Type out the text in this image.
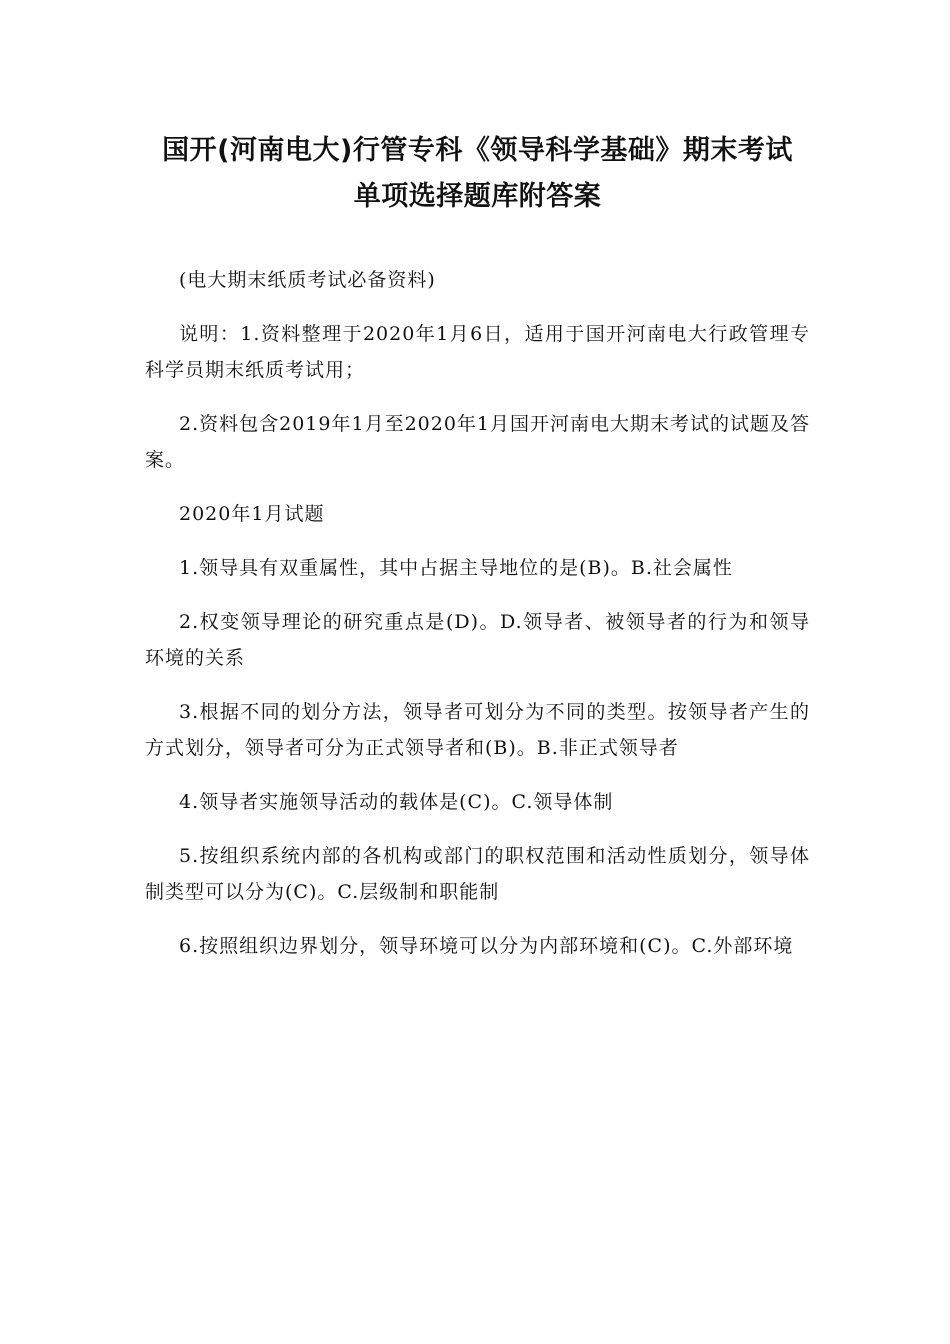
国开(河南电大)行管专科《领导科学基础》期末考试
单项选择题库附答案

(电大期末纸质考试必备资料)

说明：1.资料整理于2020年1月6日，适用于国开河南电大行政管理专科学员期末纸质考试用；

2.资料包含2019年1月至2020年1月国开河南电大期末考试的试题及答案。

2020年1月试题

1.领导具有双重属性，其中占据主导地位的是(B)。B.社会属性

2.权变领导理论的研究重点是(D)。D.领导者、被领导者的行为和领导环境的关系

3.根据不同的划分方法，领导者可划分为不同的类型。按领导者产生的方式划分，领导者可分为正式领导者和(B)。B.非正式领导者

4.领导者实施领导活动的载体是(C)。C.领导体制

5.按组织系统内部的各机构或部门的职权范围和活动性质划分，领导体制类型可以分为(C)。C.层级制和职能制

6.按照组织边界划分，领导环境可以分为内部环境和(C)。C.外部环境
